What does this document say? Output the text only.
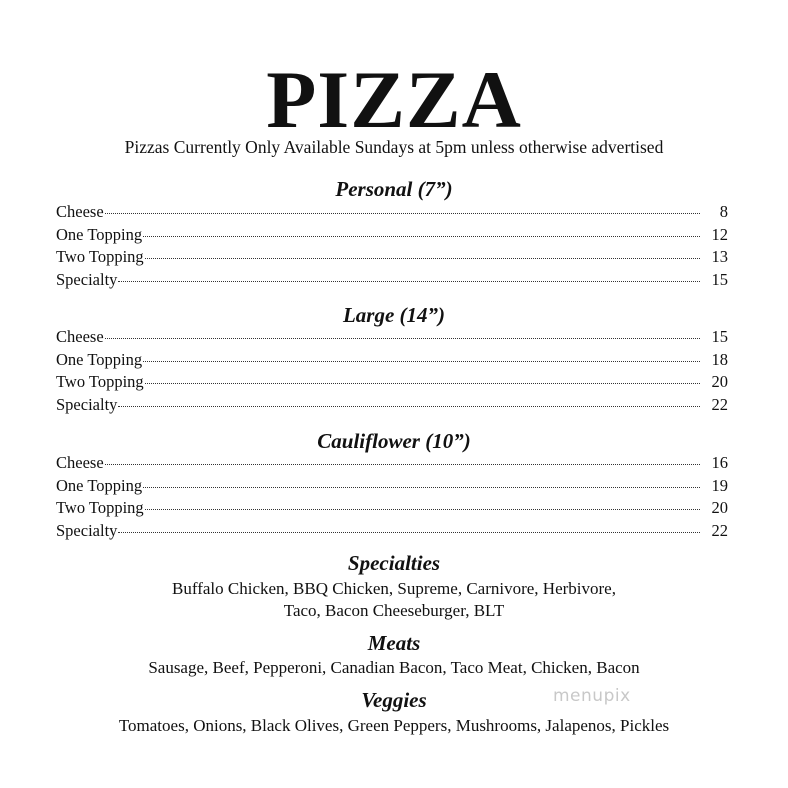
PIZZA
Pizzas Currently Only Available Sundays at 5pm unless otherwise advertised
Personal (7”)
Cheese	8
One Topping	12
Two Topping	13
Specialty	15
Large (14”)
Cheese	15
One Topping	18
Two Topping	20
Specialty	22
Cauliflower (10”)
Cheese	16
One Topping	19
Two Topping	20
Specialty	22
Specialties
Buffalo Chicken, BBQ Chicken, Supreme, Carnivore, Herbivore,
Taco, Bacon Cheeseburger, BLT
Meats
Sausage, Beef, Pepperoni, Canadian Bacon, Taco Meat, Chicken, Bacon
Veggies
Tomatoes, Onions, Black Olives, Green Peppers, Mushrooms, Jalapenos, Pickles
menupix
